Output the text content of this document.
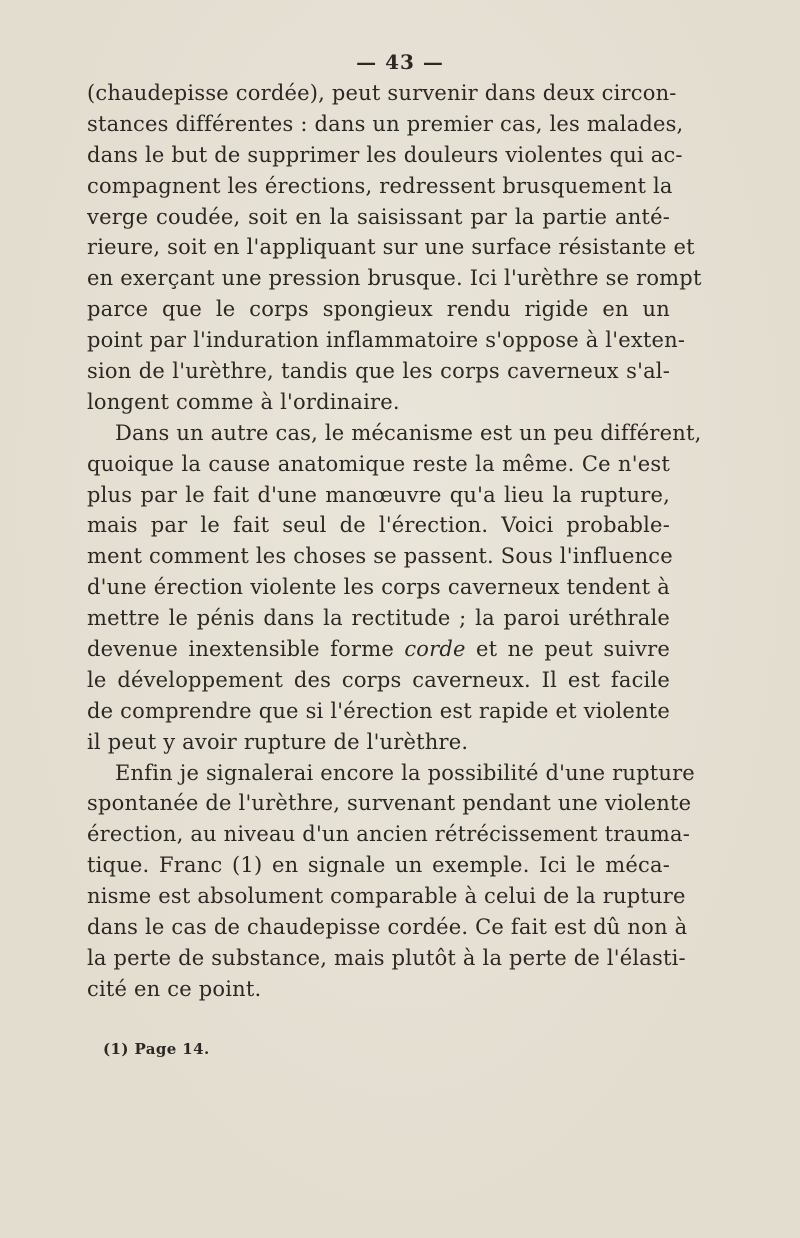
— 43 —
(chaudepisse cordée), peut survenir dans deux circon-
stances différentes : dans un premier cas, les malades,
dans le but de supprimer les douleurs violentes qui ac-
compagnent les érections, redressent brusquement la
verge coudée, soit en la saisissant par la partie anté-
rieure, soit en l'appliquant sur une surface résistante et
en exerçant une pression brusque. Ici l'urèthre se rompt
parce que le corps spongieux rendu rigide en un
point par l'induration inflammatoire s'oppose à l'exten-
sion de l'urèthre, tandis que les corps caverneux s'al-
longent comme à l'ordinaire.
Dans un autre cas, le mécanisme est un peu différent,
quoique la cause anatomique reste la même. Ce n'est
plus par le fait d'une manœuvre qu'a lieu la rupture,
mais par le fait seul de l'érection. Voici probable-
ment comment les choses se passent. Sous l'influence
d'une érection violente les corps caverneux tendent à
mettre le pénis dans la rectitude ; la paroi uréthrale
devenue inextensible forme corde et ne peut suivre
le développement des corps caverneux. Il est facile
de comprendre que si l'érection est rapide et violente
il peut y avoir rupture de l'urèthre.
Enfin je signalerai encore la possibilité d'une rupture
spontanée de l'urèthre, survenant pendant une violente
érection, au niveau d'un ancien rétrécissement trauma-
tique. Franc (1) en signale un exemple. Ici le méca-
nisme est absolument comparable à celui de la rupture
dans le cas de chaudepisse cordée. Ce fait est dû non à
la perte de substance, mais plutôt à la perte de l'élasti-
cité en ce point.
(1) Page 14.
